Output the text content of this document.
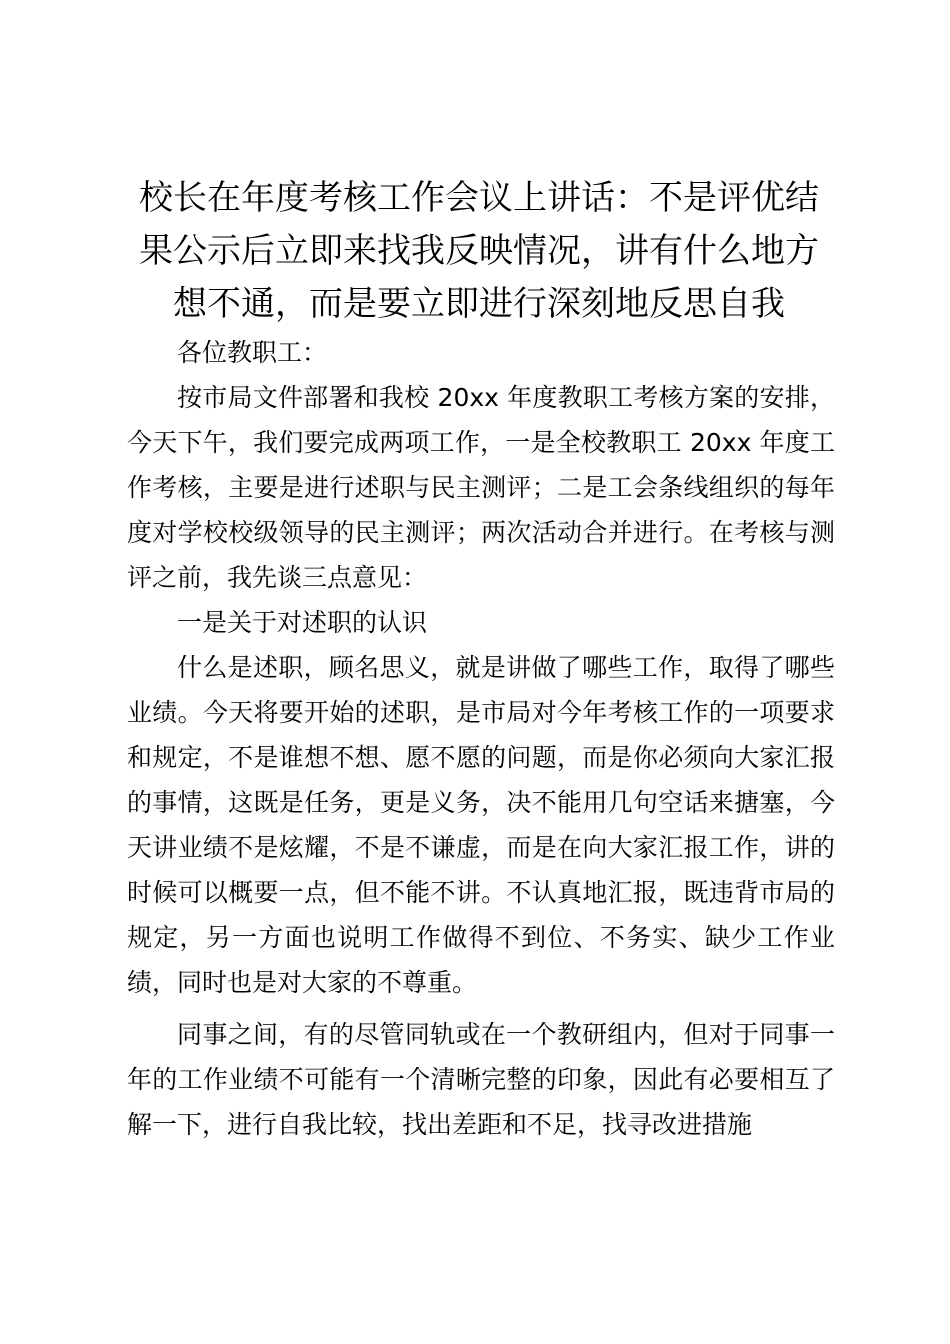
校长在年度考核工作会议上讲话：不是评优结果公示后立即来找我反映情况，讲有什么地方想不通，而是要立即进行深刻地反思自我

各位教职工：

按市局文件部署和我校 20xx 年度教职工考核方案的安排，今天下午，我们要完成两项工作，一是全校教职工 20xx 年度工作考核，主要是进行述职与民主测评；二是工会条线组织的每年度对学校校级领导的民主测评；两次活动合并进行。在考核与测评之前，我先谈三点意见：

一是关于对述职的认识

什么是述职，顾名思义，就是讲做了哪些工作，取得了哪些业绩。今天将要开始的述职，是市局对今年考核工作的一项要求和规定，不是谁想不想、愿不愿的问题，而是你必须向大家汇报的事情，这既是任务，更是义务，决不能用几句空话来搪塞，今天讲业绩不是炫耀，不是不谦虚，而是在向大家汇报工作，讲的时候可以概要一点，但不能不讲。不认真地汇报，既违背市局的规定，另一方面也说明工作做得不到位、不务实、缺少工作业绩，同时也是对大家的不尊重。

同事之间，有的尽管同轨或在一个教研组内，但对于同事一年的工作业绩不可能有一个清晰完整的印象，因此有必要相互了解一下，进行自我比较，找出差距和不足，找寻改进措施
